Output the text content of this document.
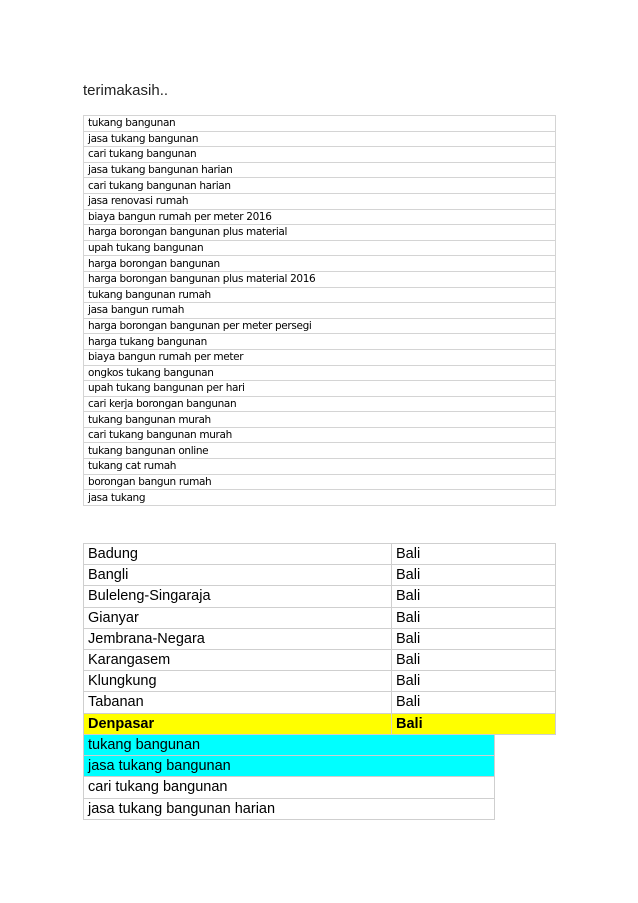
terimakasih..
tukang bangunan
jasa tukang bangunan
cari tukang bangunan
jasa tukang bangunan harian
cari tukang bangunan harian
jasa renovasi rumah
biaya bangun rumah per meter 2016
harga borongan bangunan plus material
upah tukang bangunan
harga borongan bangunan
harga borongan bangunan plus material 2016
tukang bangunan rumah
jasa bangun rumah
harga borongan bangunan per meter persegi
harga tukang bangunan
biaya bangun rumah per meter
ongkos tukang bangunan
upah tukang bangunan per hari
cari kerja borongan bangunan
tukang bangunan murah
cari tukang bangunan murah
tukang bangunan online
tukang cat rumah
borongan bangun rumah
jasa tukang
Badung	Bali
Bangli	Bali
Buleleng-Singaraja	Bali
Gianyar	Bali
Jembrana-Negara	Bali
Karangasem	Bali
Klungkung	Bali
Tabanan	Bali
Denpasar	Bali
tukang bangunan
jasa tukang bangunan
cari tukang bangunan
jasa tukang bangunan harian
